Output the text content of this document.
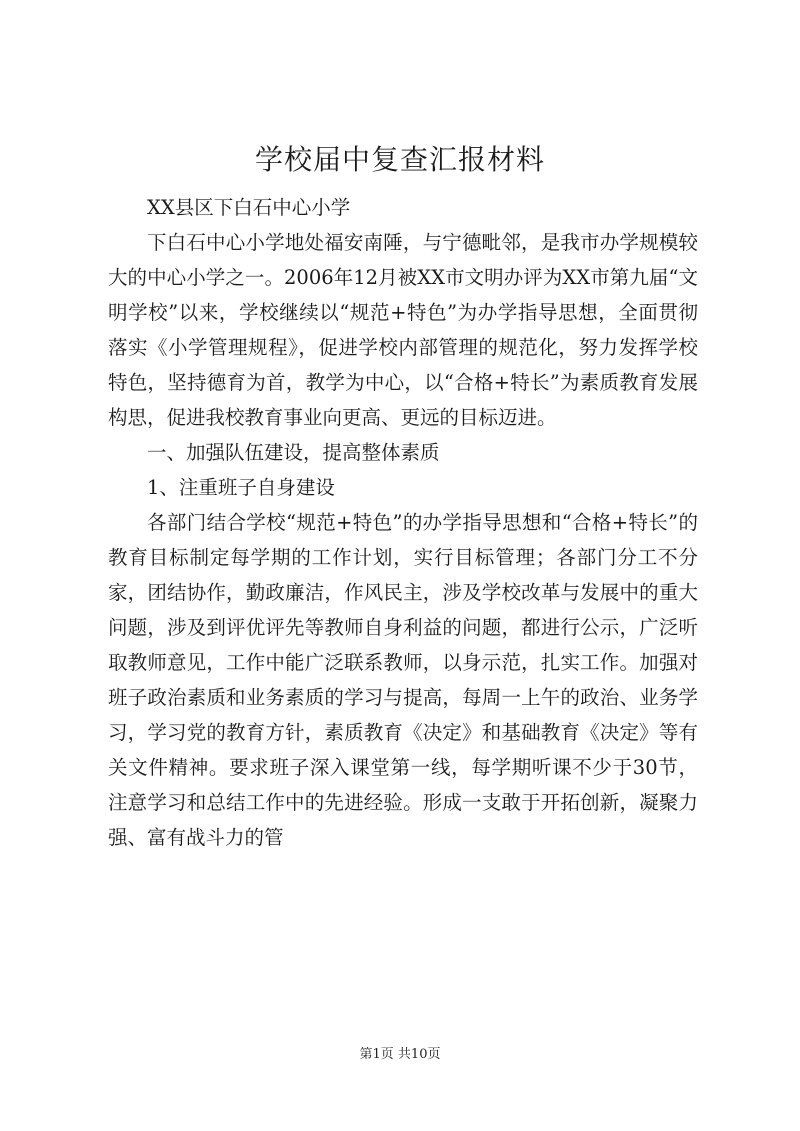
学校届中复查汇报材料

XX县区下白石中心小学

下白石中心小学地处福安南陲，与宁德毗邻，是我市办学规模较大的中心小学之一。2006年12月被XX市文明办评为XX市第九届“文明学校”以来，学校继续以“规范+特色”为办学指导思想，全面贯彻落实《小学管理规程》，促进学校内部管理的规范化，努力发挥学校特色，坚持德育为首，教学为中心，以“合格+特长”为素质教育发展构思，促进我校教育事业向更高、更远的目标迈进。

一、加强队伍建设，提高整体素质

1、注重班子自身建设

各部门结合学校“规范+特色”的办学指导思想和“合格+特长”的教育目标制定每学期的工作计划，实行目标管理；各部门分工不分家，团结协作，勤政廉洁，作风民主，涉及学校改革与发展中的重大问题，涉及到评优评先等教师自身利益的问题，都进行公示，广泛听取教师意见，工作中能广泛联系教师，以身示范，扎实工作。加强对班子政治素质和业务素质的学习与提高，每周一上午的政治、业务学习，学习党的教育方针，素质教育《决定》和基础教育《决定》等有关文件精神。要求班子深入课堂第一线，每学期听课不少于30节，注意学习和总结工作中的先进经验。形成一支敢于开拓创新，凝聚力强、富有战斗力的管

第1页 共10页
